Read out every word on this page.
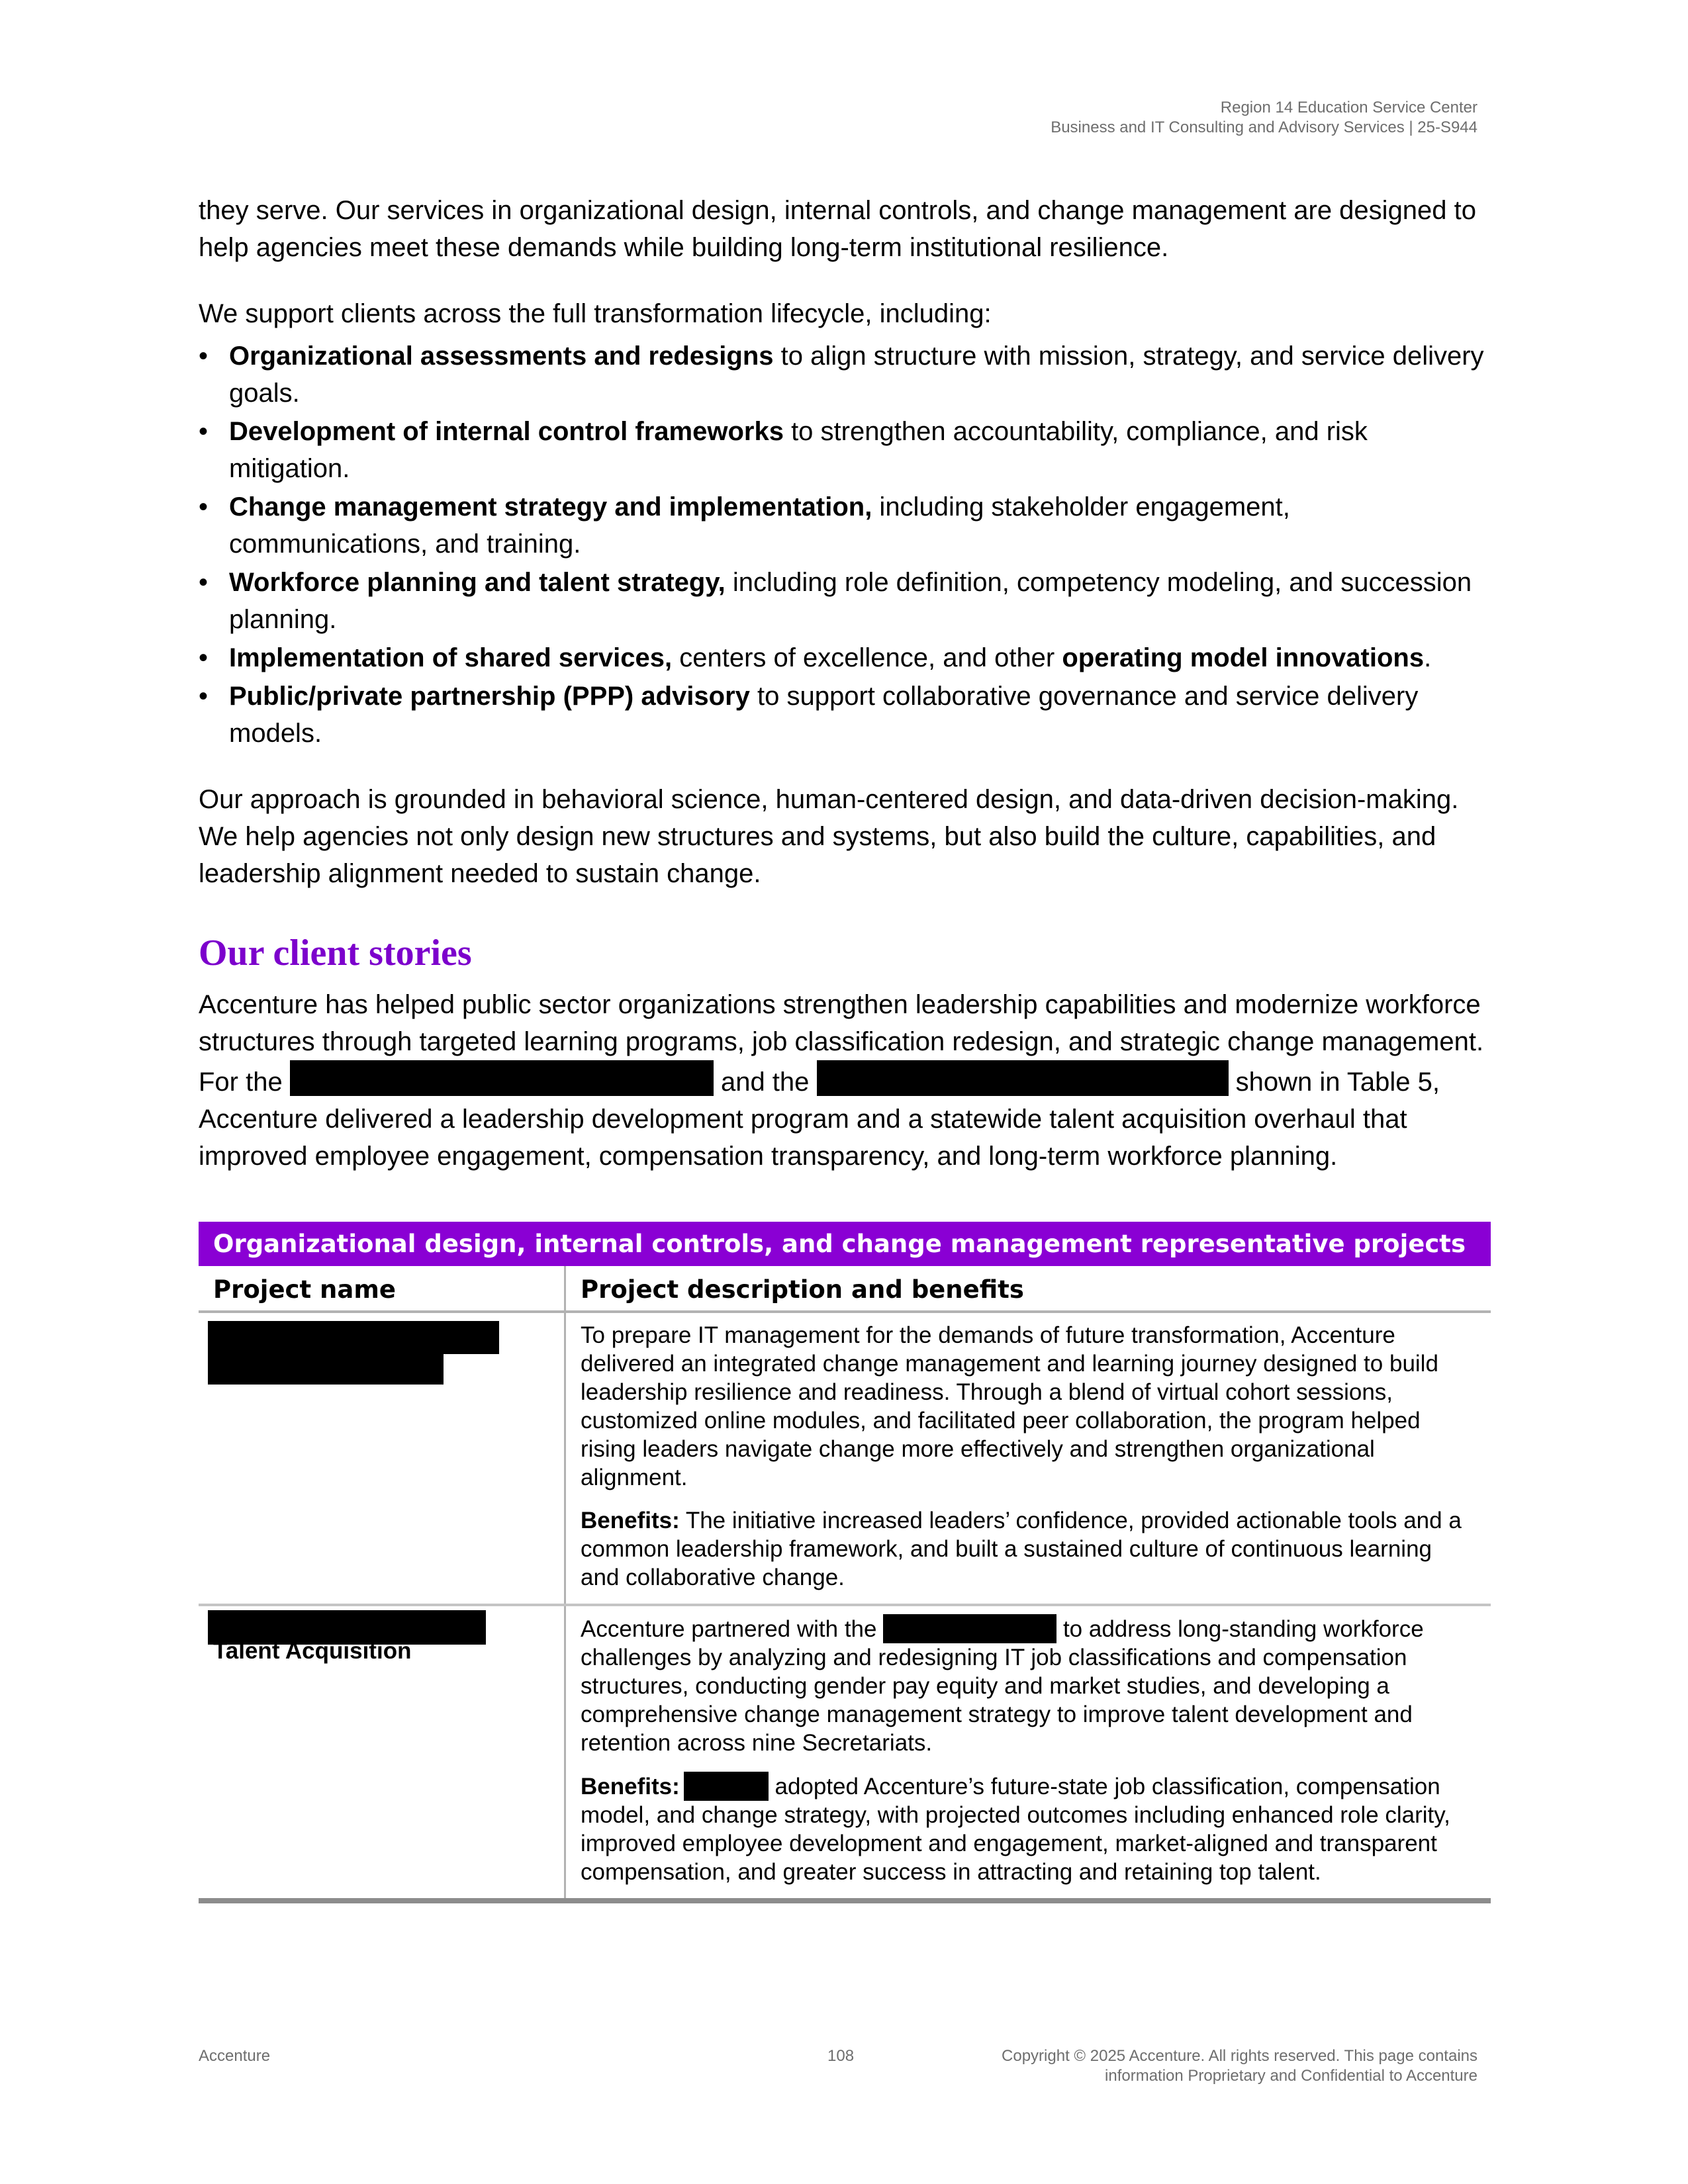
Region 14 Education Service Center
Business and IT Consulting and Advisory Services | 25-S944

they serve. Our services in organizational design, internal controls, and change management are designed to help agencies meet these demands while building long-term institutional resilience.

We support clients across the full transformation lifecycle, including:

• Organizational assessments and redesigns to align structure with mission, strategy, and service delivery goals.
• Development of internal control frameworks to strengthen accountability, compliance, and risk mitigation.
• Change management strategy and implementation, including stakeholder engagement, communications, and training.
• Workforce planning and talent strategy, including role definition, competency modeling, and succession planning.
• Implementation of shared services, centers of excellence, and other operating model innovations.
• Public/private partnership (PPP) advisory to support collaborative governance and service delivery models.

Our approach is grounded in behavioral science, human-centered design, and data-driven decision-making. We help agencies not only design new structures and systems, but also build the culture, capabilities, and leadership alignment needed to sustain change.

Our client stories

Accenture has helped public sector organizations strengthen leadership capabilities and modernize workforce structures through targeted learning programs, job classification redesign, and strategic change management. For the	and the	shown in Table 5, Accenture delivered a leadership development program and a statewide talent acquisition overhaul that improved employee engagement, compensation transparency, and long-term workforce planning.

Organizational design, internal controls, and change management representative projects	
Project name	Project description and benefits

	To prepare IT management for the demands of future transformation, Accenture delivered an integrated change management and learning journey designed to build leadership resilience and readiness. Through a blend of virtual cohort sessions, customized online modules, and facilitated peer collaboration, the program helped rising leaders navigate change more effectively and strengthen organizational alignment.

Benefits: The initiative increased leaders’ confidence, provided actionable tools and a common leadership framework, and built a sustained culture of continuous learning and collaborative change.

Talent Acquisition	Accenture partnered with the to address long-standing workforce challenges by analyzing and redesigning IT job classifications and compensation structures, conducting gender pay equity and market studies, and developing a comprehensive change management strategy to improve talent development and retention across nine Secretariats.

Benefits: adopted Accenture’s future-state job classification, compensation model, and change strategy, with projected outcomes including enhanced role clarity, improved employee development and engagement, market-aligned and transparent compensation, and greater success in attracting and retaining top talent.

Accenture	108	Copyright © 2025 Accenture. All rights reserved. This page contains
information Proprietary and Confidential to Accenture
